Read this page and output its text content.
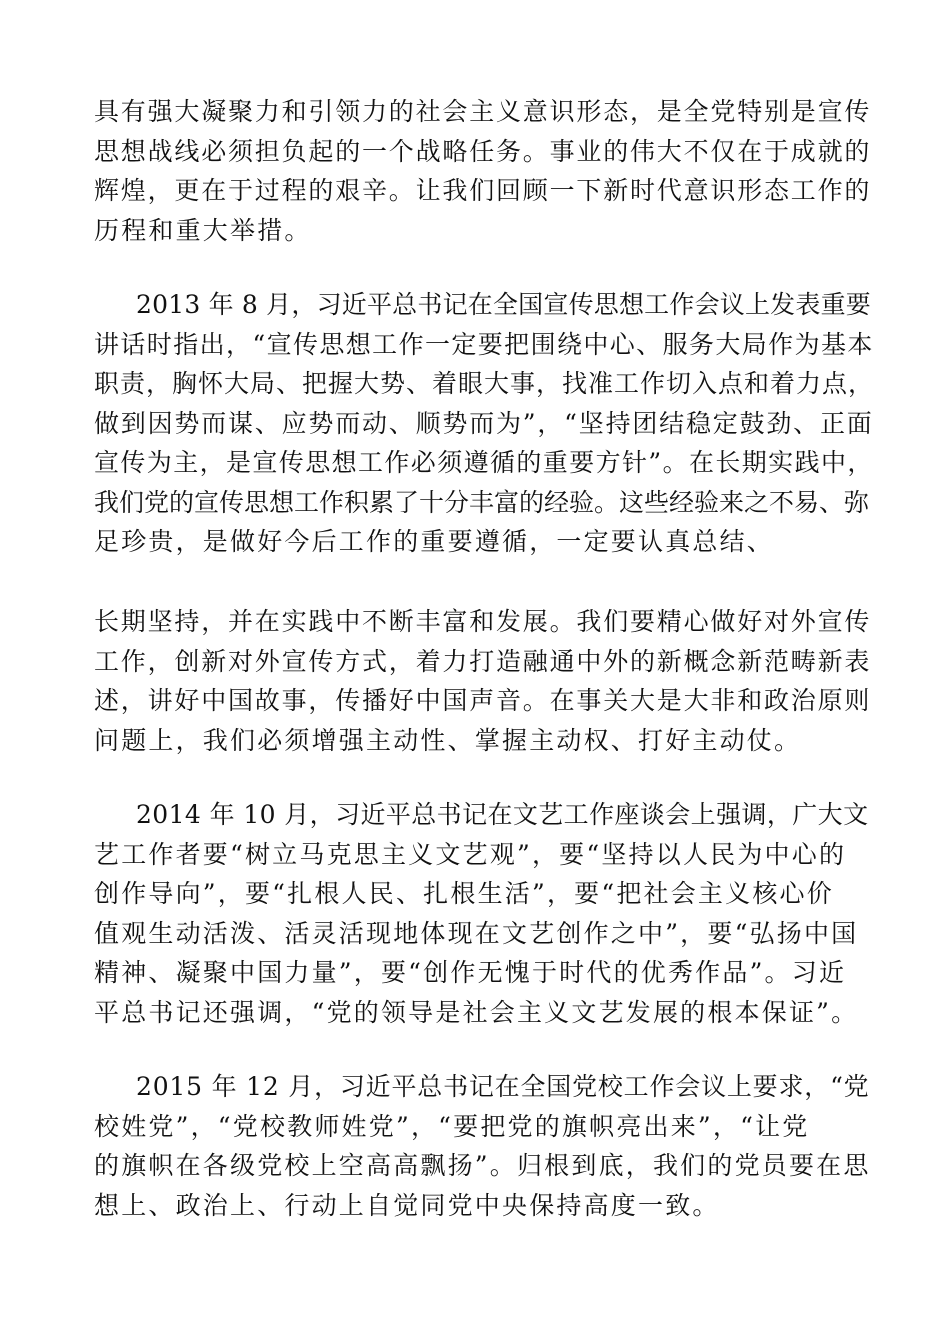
具有强大凝聚力和引领力的社会主义意识形态，是全党特别是宣传
思想战线必须担负起的一个战略任务。事业的伟大不仅在于成就的
辉煌，更在于过程的艰辛。让我们回顾一下新时代意识形态工作的
历程和重大举措。
2013 年 8 月，习近平总书记在全国宣传思想工作会议上发表重要
讲话时指出，“宣传思想工作一定要把围绕中心、服务大局作为基本
职责，胸怀大局、把握大势、着眼大事，找准工作切入点和着力点，
做到因势而谋、应势而动、顺势而为”，“坚持团结稳定鼓劲、正面
宣传为主，是宣传思想工作必须遵循的重要方针”。在长期实践中，
我们党的宣传思想工作积累了十分丰富的经验。这些经验来之不易、弥
足珍贵，是做好今后工作的重要遵循，一定要认真总结、
长期坚持，并在实践中不断丰富和发展。我们要精心做好对外宣传
工作，创新对外宣传方式，着力打造融通中外的新概念新范畴新表
述，讲好中国故事，传播好中国声音。在事关大是大非和政治原则
问题上，我们必须增强主动性、掌握主动权、打好主动仗。
2014 年 10 月，习近平总书记在文艺工作座谈会上强调，广大文
艺工作者要“树立马克思主义文艺观”，要“坚持以人民为中心的
创作导向”，要“扎根人民、扎根生活”，要“把社会主义核心价
值观生动活泼、活灵活现地体现在文艺创作之中”，要“弘扬中国
精神、凝聚中国力量”，要“创作无愧于时代的优秀作品”。习近
平总书记还强调，“党的领导是社会主义文艺发展的根本保证”。
2015 年 12 月，习近平总书记在全国党校工作会议上要求，“党
校姓党”，“党校教师姓党”，“要把党的旗帜亮出来”，“让党
的旗帜在各级党校上空高高飘扬”。归根到底，我们的党员要在思
想上、政治上、行动上自觉同党中央保持高度一致。
